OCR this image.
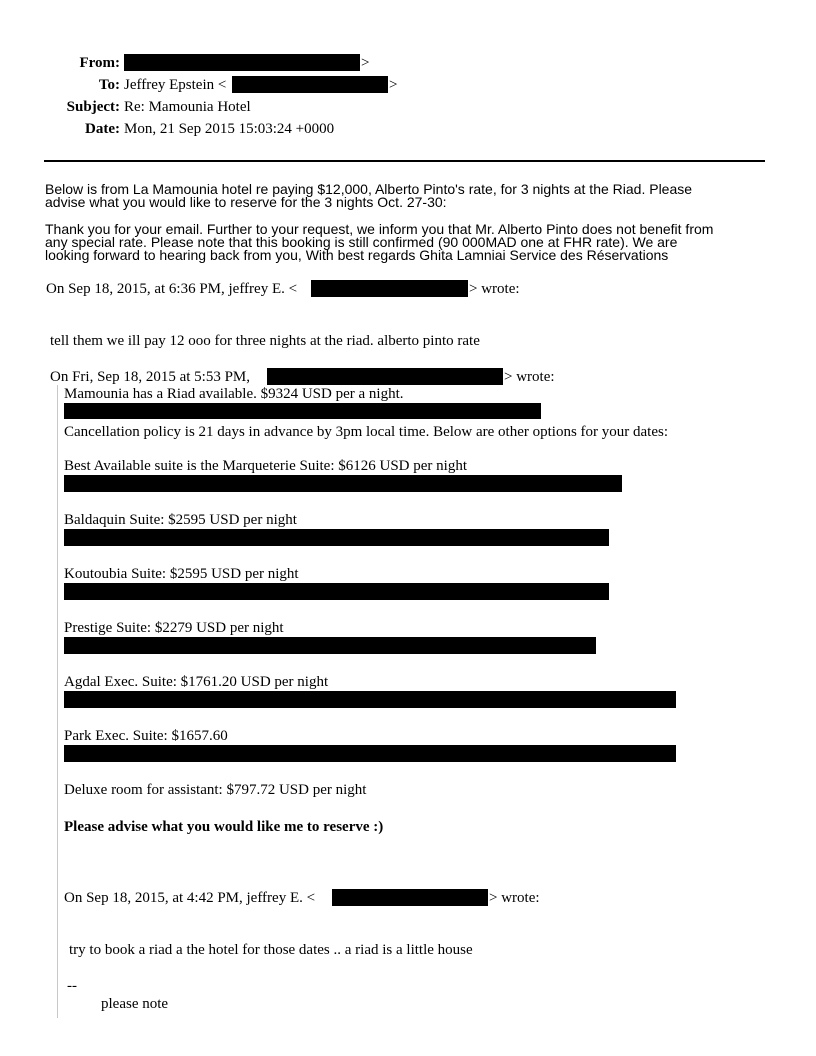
From:	>
To: Jeffrey Epstein <	>
Subject: Re: Mamounia Hotel
Date: Mon, 21 Sep 2015 15:03:24 +0000
Below is from La Mamounia hotel re paying $12,000, Alberto Pinto's rate, for 3 nights at the Riad. Please
advise what you would like to reserve for the 3 nights Oct. 27-30:
Thank you for your email. Further to your request, we inform you that Mr. Alberto Pinto does not benefit from
any special rate. Please note that this booking is still confirmed (90 000MAD one at FHR rate). We are
looking forward to hearing back from you, With best regards Ghita Lamniai Service des Réservations
On Sep 18, 2015, at 6:36 PM, jeffrey E. <	> wrote:
tell them we ill pay 12 ooo for three nights at the riad. alberto pinto rate
On Fri, Sep 18, 2015 at 5:53 PM,	> wrote:
Mamounia has a Riad available. $9324 USD per a night.
Cancellation policy is 21 days in advance by 3pm local time. Below are other options for your dates:
Best Available suite is the Marqueterie Suite: $6126 USD per night
Baldaquin Suite: $2595 USD per night
Koutoubia Suite: $2595 USD per night
Prestige Suite: $2279 USD per night
Agdal Exec. Suite: $1761.20 USD per night
Park Exec. Suite: $1657.60
Deluxe room for assistant: $797.72 USD per night
Please advise what you would like me to reserve :)
On Sep 18, 2015, at 4:42 PM, jeffrey E. <	> wrote:
try to book a riad a the hotel for those dates .. a riad is a little house
--
please note
